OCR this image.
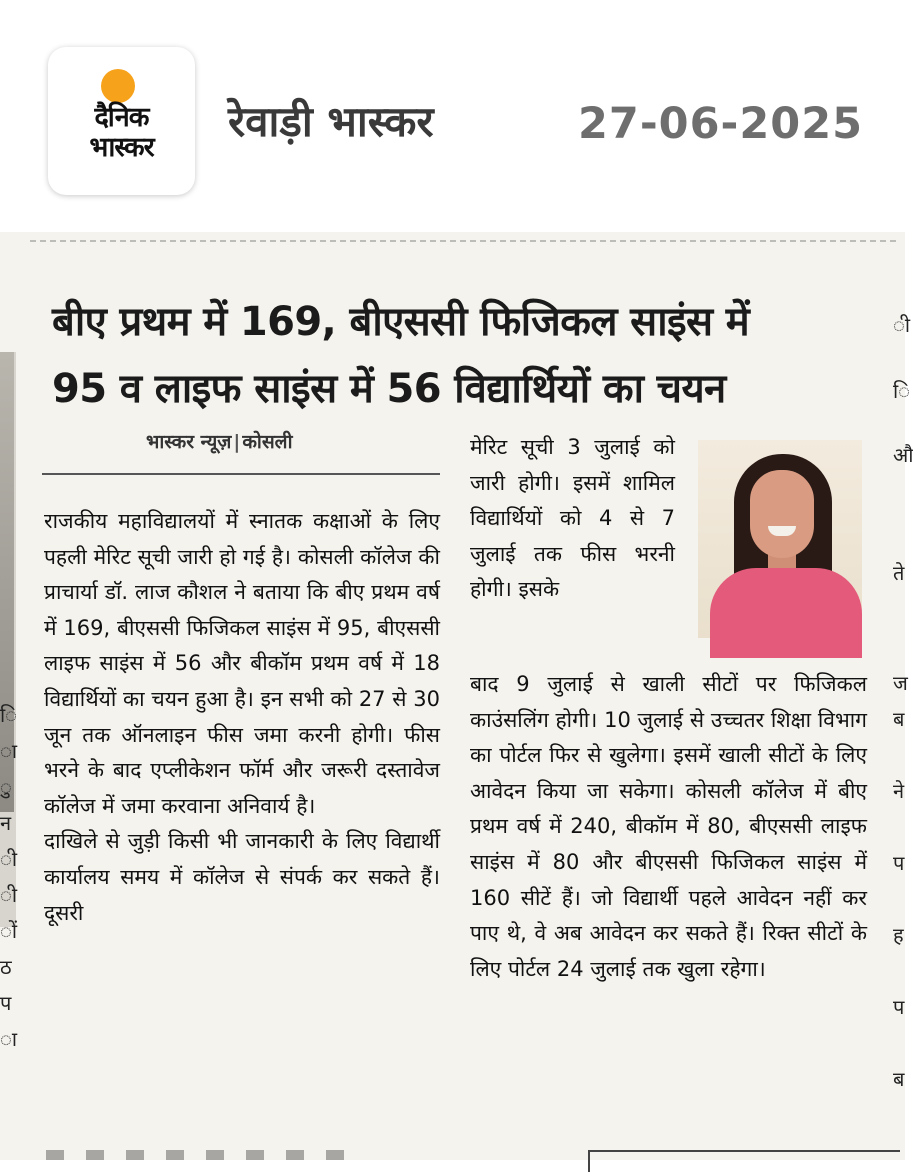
दैनिक
भास्कर
रेवाड़ी भास्कर	27-06-2025
ि
ा
ु
न
ी
ी
ों
ठ
प
ा
ी
ि
औ
ते
ज
ब
ने
प
ह
प
ब
बीए प्रथम में 169, बीएससी फिजिकल साइंस में
95 व लाइफ साइंस में 56 विद्यार्थियों का चयन
भास्कर न्यूज़ | कोसली

राजकीय महाविद्यालयों में स्नातक कक्षाओं के लिए पहली मेरिट सूची जारी हो गई है। कोसली कॉलेज की प्राचार्या डॉ. लाज कौशल ने बताया कि बीए प्रथम वर्ष में 169, बीएससी फिजिकल साइंस में 95, बीएससी लाइफ साइंस में 56 और बीकॉम प्रथम वर्ष में 18 विद्यार्थियों का चयन हुआ है। इन सभी को 27 से 30 जून तक ऑनलाइन फीस जमा करनी होगी। फीस भरने के बाद एप्लीकेशन फॉर्म और जरूरी दस्तावेज कॉलेज में जमा करवाना अनिवार्य है।

दाखिले से जुड़ी किसी भी जानकारी के लिए विद्यार्थी कार्यालय समय में कॉलेज से संपर्क कर सकते हैं। दूसरी

मेरिट सूची 3 जुलाई को जारी होगी। इसमें शामिल विद्यार्थियों को 4 से 7 जुलाई तक फीस भरनी होगी। इसके

बाद 9 जुलाई से खाली सीटों पर फिजिकल काउंसलिंग होगी। 10 जुलाई से उच्चतर शिक्षा विभाग का पोर्टल फिर से खुलेगा। इसमें खाली सीटों के लिए आवेदन किया जा सकेगा। कोसली कॉलेज में बीए प्रथम वर्ष में 240, बीकॉम में 80, बीएससी लाइफ साइंस में 80 और बीएससी फिजिकल साइंस में 160 सीटें हैं। जो विद्यार्थी पहले आवेदन नहीं कर पाए थे, वे अब आवेदन कर सकते हैं। रिक्त सीटों के लिए पोर्टल 24 जुलाई तक खुला रहेगा।
